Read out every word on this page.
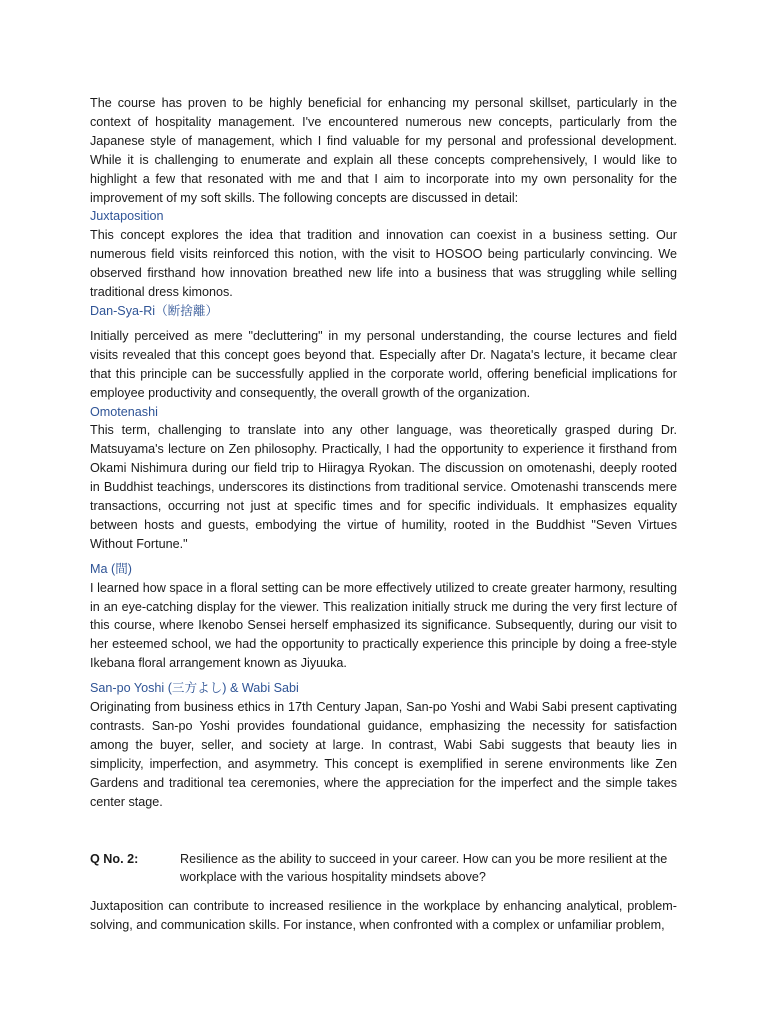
The course has proven to be highly beneficial for enhancing my personal skillset, particularly in the context of hospitality management. I've encountered numerous new concepts, particularly from the Japanese style of management, which I find valuable for my personal and professional development. While it is challenging to enumerate and explain all these concepts comprehensively, I would like to highlight a few that resonated with me and that I aim to incorporate into my own personality for the improvement of my soft skills. The following concepts are discussed in detail:

Juxtaposition

This concept explores the idea that tradition and innovation can coexist in a business setting. Our numerous field visits reinforced this notion, with the visit to HOSOO being particularly convincing. We observed firsthand how innovation breathed new life into a business that was struggling while selling traditional dress kimonos.

Dan-Sya-Ri（断捨離）

Initially perceived as mere "decluttering" in my personal understanding, the course lectures and field visits revealed that this concept goes beyond that. Especially after Dr. Nagata's lecture, it became clear that this principle can be successfully applied in the corporate world, offering beneficial implications for employee productivity and consequently, the overall growth of the organization.

Omotenashi

This term, challenging to translate into any other language, was theoretically grasped during Dr. Matsuyama's lecture on Zen philosophy. Practically, I had the opportunity to experience it firsthand from Okami Nishimura during our field trip to Hiiragya Ryokan. The discussion on omotenashi, deeply rooted in Buddhist teachings, underscores its distinctions from traditional service. Omotenashi transcends mere transactions, occurring not just at specific times and for specific individuals. It emphasizes equality between hosts and guests, embodying the virtue of humility, rooted in the Buddhist "Seven Virtues Without Fortune."

Ma (間)

I learned how space in a floral setting can be more effectively utilized to create greater harmony, resulting in an eye-catching display for the viewer. This realization initially struck me during the very first lecture of this course, where Ikenobo Sensei herself emphasized its significance. Subsequently, during our visit to her esteemed school, we had the opportunity to practically experience this principle by doing a free-style Ikebana floral arrangement known as Jiyuuka.

San-po Yoshi (三方よし) & Wabi Sabi

Originating from business ethics in 17th Century Japan, San-po Yoshi and Wabi Sabi present captivating contrasts. San-po Yoshi provides foundational guidance, emphasizing the necessity for satisfaction among the buyer, seller, and society at large. In contrast, Wabi Sabi suggests that beauty lies in simplicity, imperfection, and asymmetry. This concept is exemplified in serene environments like Zen Gardens and traditional tea ceremonies, where the appreciation for the imperfect and the simple takes center stage.

Q No. 2:	Resilience as the ability to succeed in your career. How can you be more resilient at the workplace with the various hospitality mindsets above?

Juxtaposition can contribute to increased resilience in the workplace by enhancing analytical, problem-solving, and communication skills. For instance, when confronted with a complex or unfamiliar problem,
